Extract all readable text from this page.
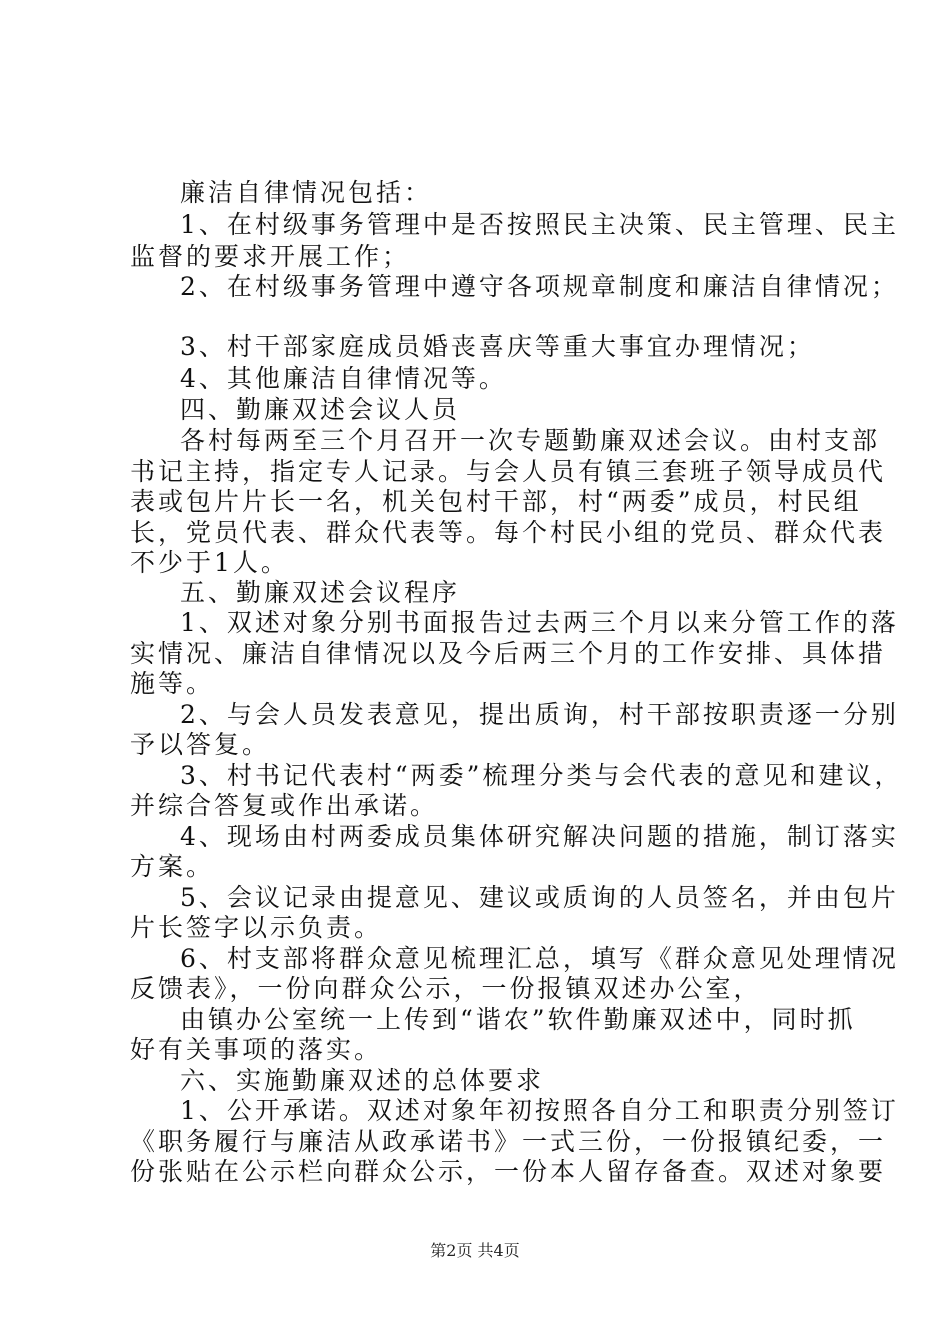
廉洁自律情况包括：
1、在村级事务管理中是否按照民主决策、民主管理、民主
监督的要求开展工作；
2、在村级事务管理中遵守各项规章制度和廉洁自律情况；
3、村干部家庭成员婚丧喜庆等重大事宜办理情况；
4、其他廉洁自律情况等。
四、勤廉双述会议人员
各村每两至三个月召开一次专题勤廉双述会议。由村支部
书记主持，指定专人记录。与会人员有镇三套班子领导成员代
表或包片片长一名，机关包村干部，村“两委”成员，村民组
长，党员代表、群众代表等。每个村民小组的党员、群众代表
不少于1人。
五、勤廉双述会议程序
1、双述对象分别书面报告过去两三个月以来分管工作的落
实情况、廉洁自律情况以及今后两三个月的工作安排、具体措
施等。
2、与会人员发表意见，提出质询，村干部按职责逐一分别
予以答复。
3、村书记代表村“两委”梳理分类与会代表的意见和建议，
并综合答复或作出承诺。
4、现场由村两委成员集体研究解决问题的措施，制订落实
方案。
5、会议记录由提意见、建议或质询的人员签名，并由包片
片长签字以示负责。
6、村支部将群众意见梳理汇总，填写《群众意见处理情况
反馈表》，一份向群众公示，一份报镇双述办公室，
由镇办公室统一上传到“谐农”软件勤廉双述中，同时抓
好有关事项的落实。
六、实施勤廉双述的总体要求
1、公开承诺。双述对象年初按照各自分工和职责分别签订
《职务履行与廉洁从政承诺书》一式三份，一份报镇纪委，一
份张贴在公示栏向群众公示，一份本人留存备查。双述对象要
第2页 共4页
